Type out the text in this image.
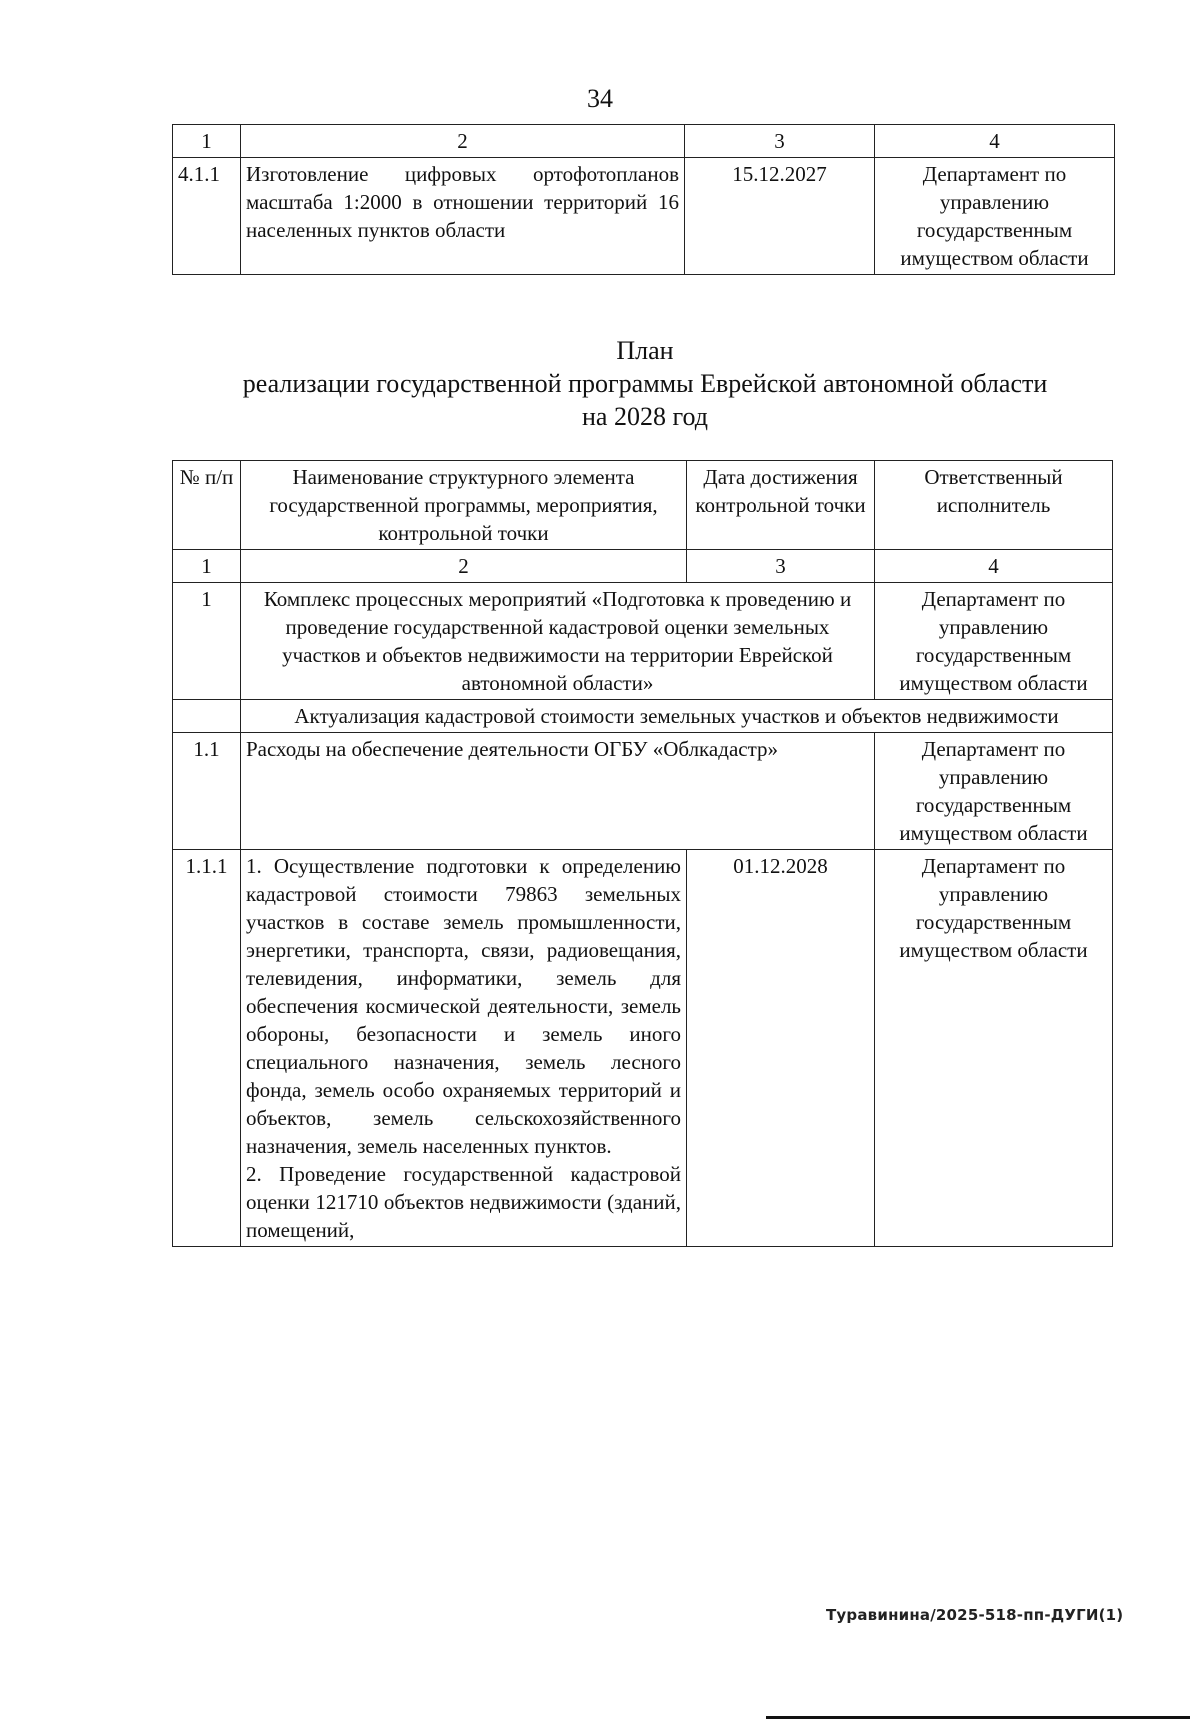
34
1	2	3	4
4.1.1	Изготовление цифровых ортофотопланов масштаба 1:2000 в отношении территорий 16 населенных пунктов области	15.12.2027	Департамент по управлению государственным имуществом области
План
реализации государственной программы Еврейской автономной области
на 2028 год
№ п/п	Наименование структурного элемента государственной программы, мероприятия, контрольной точки	Дата достижения контрольной точки	Ответственный исполнитель
1	2	3	4
1	Комплекс процессных мероприятий «Подготовка к проведению и проведение государственной кадастровой оценки земельных участков и объектов недвижимости на территории Еврейской автономной области»		Департамент по управлению государственным имуществом области
	Актуализация кадастровой стоимости земельных участков и объектов недвижимости		
1.1	Расходы на обеспечение деятельности ОГБУ «Облкадастр»		Департамент по управлению государственным имуществом области
1.1.1	1. Осуществление подготовки к определению кадастровой стоимости 79863 земельных участков в составе земель промышленности, энергетики, транспорта, связи, радиовещания, телевидения, информатики, земель для обеспечения космической деятельности, земель обороны, безопасности и земель иного специального назначения, земель лесного фонда, земель особо охраняемых территорий и объектов, земель сельскохозяйственного назначения, земель населенных пунктов.
2. Проведение государственной кадастровой оценки 121710 объектов недвижимости (зданий, помещений,	01.12.2028	Департамент по управлению государственным имуществом области
Туравинина/2025-518-пп-ДУГИ(1)
